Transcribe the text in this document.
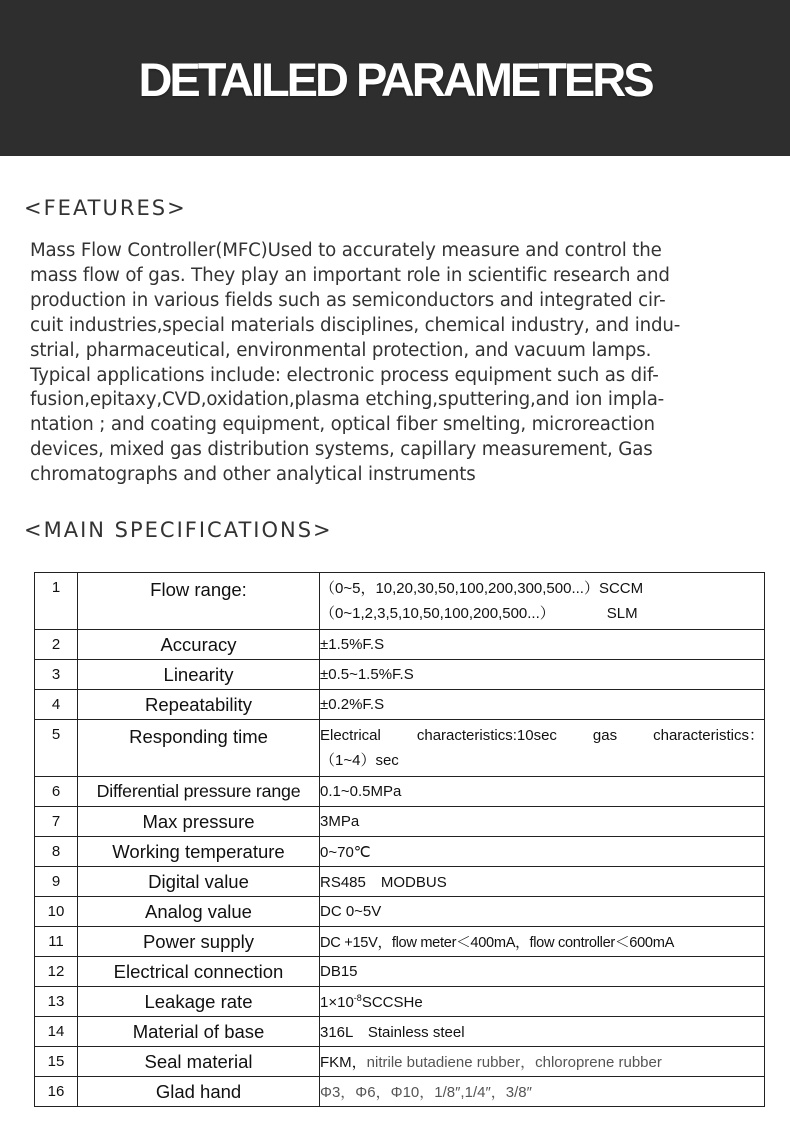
DETAILED PARAMETERS
<FEATURES>
Mass Flow Controller(MFC)Used to accurately measure and control the
mass flow of gas. They play an important role in scientific research and
production in various fields such as semiconductors and integrated cir-
cuit industries,special materials disciplines, chemical industry, and indu-
strial, pharmaceutical, environmental protection, and vacuum lamps.
Typical applications include: electronic process equipment such as dif-
fusion,epitaxy,CVD,oxidation,plasma etching,sputtering,and ion impla-
ntation ; and coating equipment, optical fiber smelting, microreaction
devices, mixed gas distribution systems, capillary measurement, Gas
chromatographs and other analytical instruments
<MAIN SPECIFICATIONS>
1	Flow range:	（0~5，10,20,30,50,100,200,300,500...）SCCM
（0~1,2,3,5,10,50,100,200,500...） SLM

2	Accuracy	±1.5%F.S
3	Linearity	±0.5~1.5%F.S
4	Repeatability	±0.2%F.S
5	Responding time	Electrical characteristics:10sec gas characteristics：
（1~4）sec

6	Differential pressure range	0.1~0.5MPa
7	Max pressure	3MPa
8	Working temperature	0~70℃
9	Digital value	RS485　MODBUS
10	Analog value	DC 0~5V
11	Power supply	DC +15V，flow meter＜400mA，flow controller＜600mA
12	Electrical connection	DB15
13	Leakage rate	$1\times 10^{-8}SCCSHe$
14	Material of base	316L　Stainless steel
15	Seal material	FKM，nitrile butadiene rubber，chloroprene rubber
16	Glad hand	Φ3，Φ6，Φ10，1/8″,1/4″，3/8″
